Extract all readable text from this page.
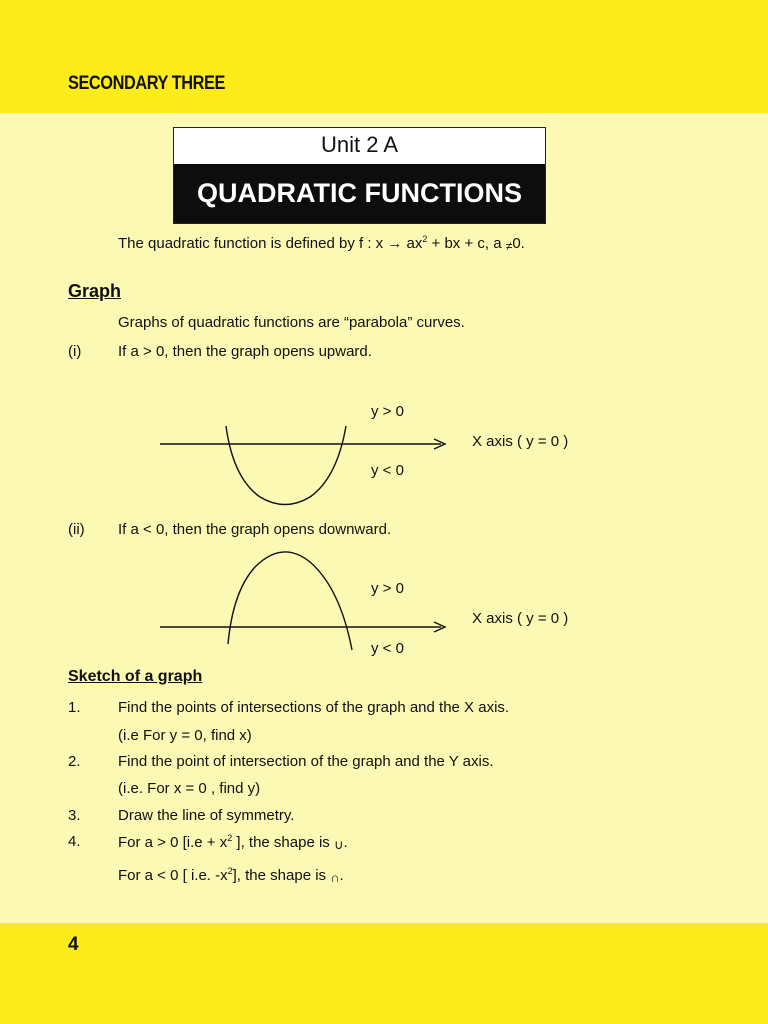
SECONDARY THREE
Unit 2 A
QUADRATIC FUNCTIONS
The quadratic function is defined by f : $x \to ax^2$ + bx + c, a ≠0.
Graph
Graphs of quadratic functions are “parabola” curves.
(i) If a > 0, then the graph opens upward.
y > 0
X axis ( y = 0 )
y < 0
(ii) If a < 0, then the graph opens downward.
y > 0
X axis ( y = 0 )
y < 0
Sketch of a graph
1. Find the points of intersections of the graph and the X axis.
(i.e For y = 0, find x)
2. Find the point of intersection of the graph and the Y axis.
(i.e. For x = 0 , find y)
3. Draw the line of symmetry.
4. For a > 0 [$i.e + x^2$ ], the shape is ∪.
For a < 0 [ i.e. $-x^2$], the shape is ∩.
4
